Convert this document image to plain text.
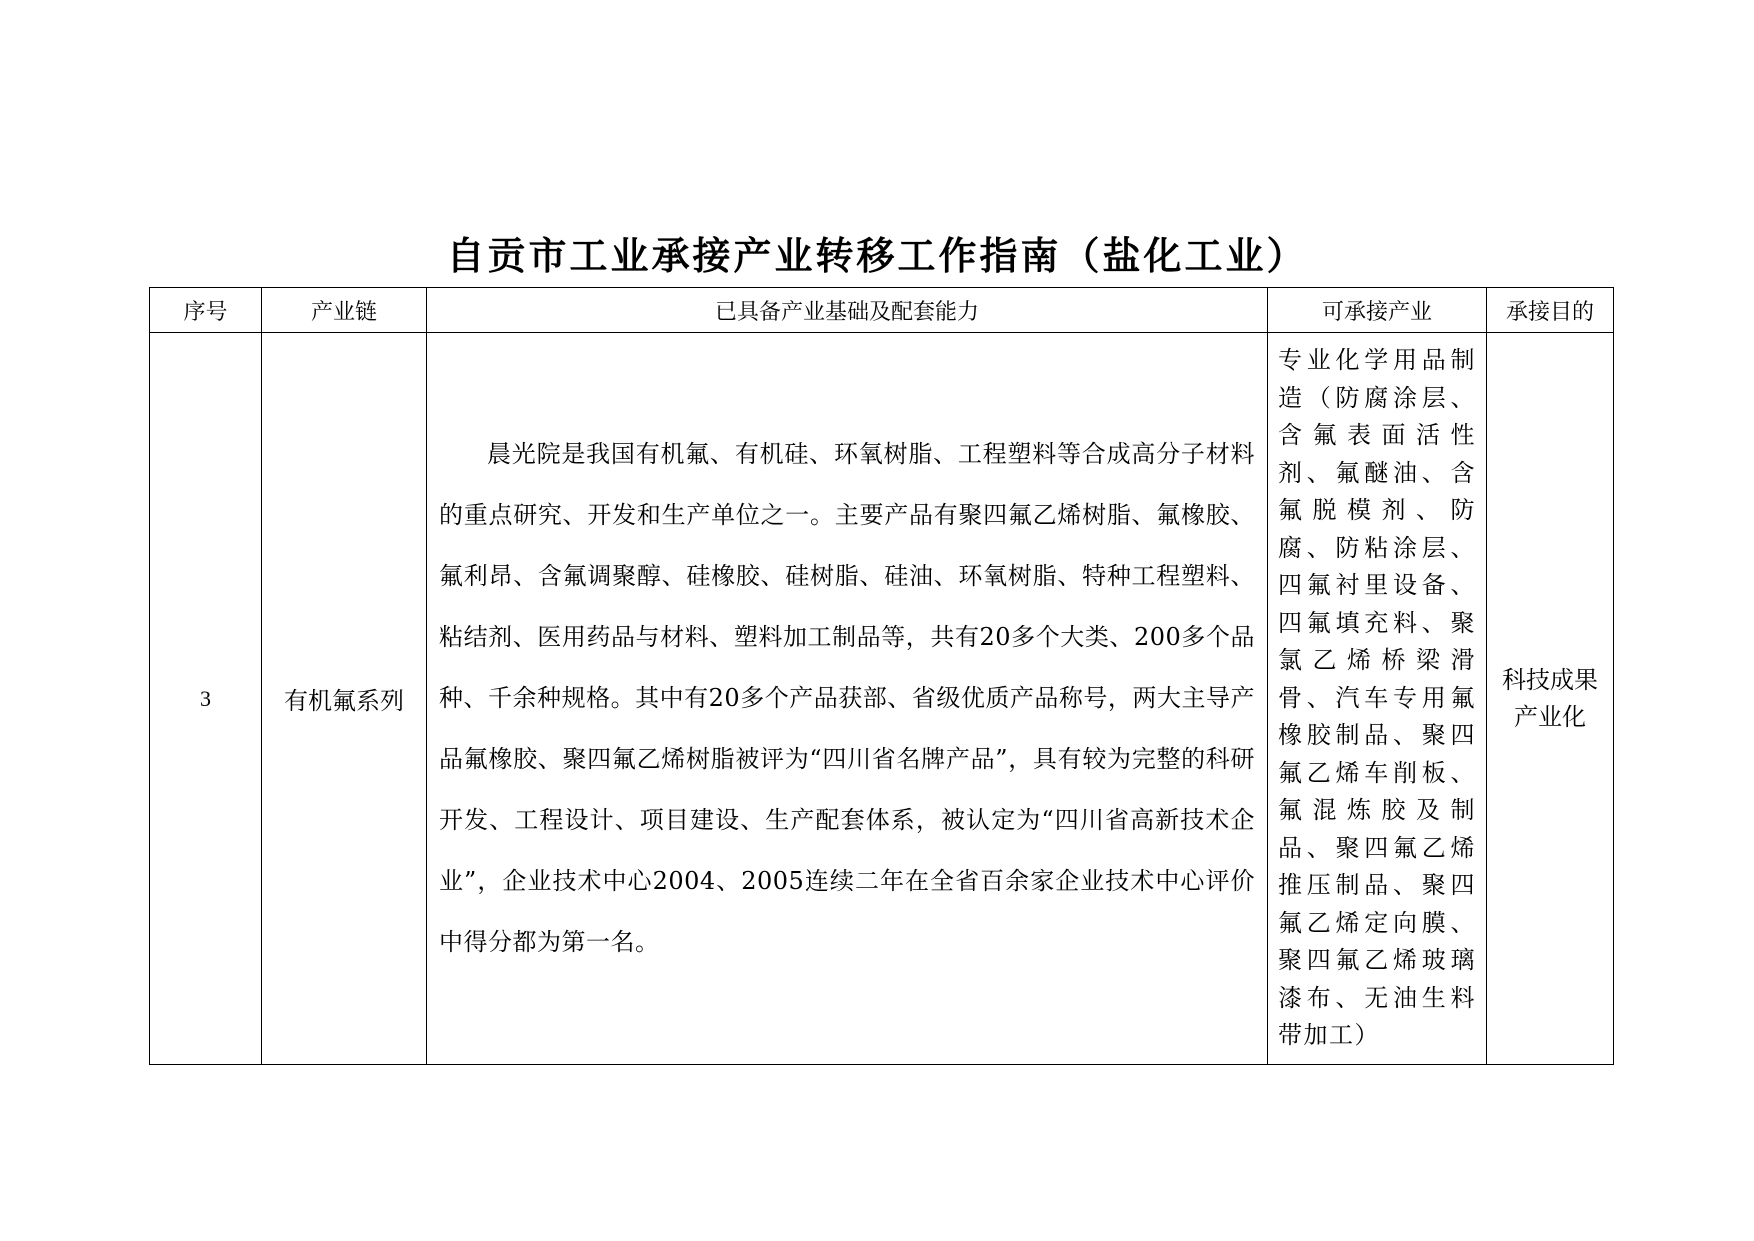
自贡市工业承接产业转移工作指南（盐化工业）
序号	产业链	已具备产业基础及配套能力	可承接产业	承接目的
3	有机氟系列	晨光院是我国有机氟、有机硅、环氧树脂、工程塑料等合成高分子材料的重点研究、开发和生产单位之一。主要产品有聚四氟乙烯树脂、氟橡胶、氟利昂、含氟调聚醇、硅橡胶、硅树脂、硅油、环氧树脂、特种工程塑料、粘结剂、医用药品与材料、塑料加工制品等，共有20多个大类、200多个品种、千余种规格。其中有20多个产品获部、省级优质产品称号，两大主导产品氟橡胶、聚四氟乙烯树脂被评为“四川省名牌产品”，具有较为完整的科研开发、工程设计、项目建设、生产配套体系，被认定为“四川省高新技术企业”，企业技术中心2004、2005连续二年在全省百余家企业技术中心评价中得分都为第一名。	专业化学用品制造（防腐涂层、含氟表面活性剂、氟醚油、含氟脱模剂、防腐、防粘涂层、四氟衬里设备、四氟填充料、聚氯乙烯桥梁滑骨、汽车专用氟橡胶制品、聚四氟乙烯车削板、氟混炼胶及制品、聚四氟乙烯推压制品、聚四氟乙烯定向膜、聚四氟乙烯玻璃漆布、无油生料带加工）	科技成果产业化
